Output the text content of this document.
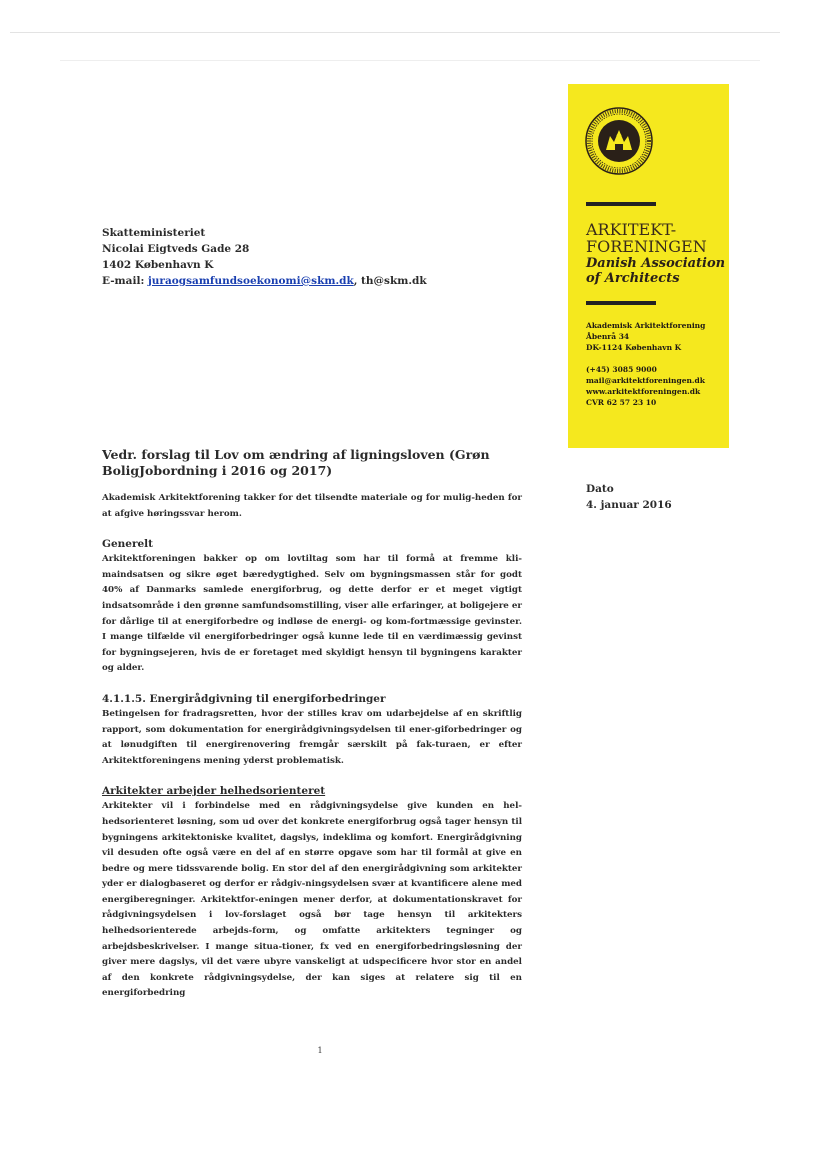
ARKITEKT-
FORENINGEN
Danish Association
of Architects
Akademisk Arkitektforening
Åbenrå 34
DK-1124 København K
(+45) 3085 9000
mail@arkitektforeningen.dk
www.arkitektforeningen.dk
CVR 62 57 23 10
Skatteministeriet
Nicolai Eigtveds Gade 28
1402 København K
E-mail: juraogsamfundsoekonomi@skm.dk, th@skm.dk
Dato
4. januar 2016

Vedr. forslag til Lov om ændring af ligningsloven (Grøn BoligJobordning i 2016 og 2017)

Akademisk Arkitektforening takker for det tilsendte materiale og for mulig-heden for at afgive høringssvar herom.

Generelt

Arkitektforeningen bakker op om lovtiltag som har til formå at fremme kli-maindsatsen og sikre øget bæredygtighed. Selv om bygningsmassen står for godt 40% af Danmarks samlede energiforbrug, og dette derfor er et meget vigtigt indsatsområde i den grønne samfundsomstilling, viser alle erfaringer, at boligejere er for dårlige til at energiforbedre og indløse de energi- og kom-fortmæssige gevinster. I mange tilfælde vil energiforbedringer også kunne lede til en værdimæssig gevinst for bygningsejeren, hvis de er foretaget med skyldigt hensyn til bygningens karakter og alder.

4.1.1.5. Energirådgivning til energiforbedringer

Betingelsen for fradragsretten, hvor der stilles krav om udarbejdelse af en skriftlig rapport, som dokumentation for energirådgivningsydelsen til ener-giforbedringer og at lønudgiften til energirenovering fremgår særskilt på fak-turaen, er efter Arkitektforeningens mening yderst problematisk.

Arkitekter arbejder helhedsorienteret

Arkitekter vil i forbindelse med en rådgivningsydelse give kunden en hel-hedsorienteret løsning, som ud over det konkrete energiforbrug også tager hensyn til bygningens arkitektoniske kvalitet, dagslys, indeklima og komfort. Energirådgivning vil desuden ofte også være en del af en større opgave som har til formål at give en bedre og mere tidssvarende bolig. En stor del af den energirådgivning som arkitekter yder er dialogbaseret og derfor er rådgiv-ningsydelsen svær at kvantificere alene med energiberegninger. Arkitektfor-eningen mener derfor, at dokumentationskravet for rådgivningsydelsen i lov-forslaget også bør tage hensyn til arkitekters helhedsorienterede arbejds-form, og omfatte arkitekters tegninger og arbejdsbeskrivelser. I mange situa-tioner, fx ved en energiforbedringsløsning der giver mere dagslys, vil det være ubyre vanskeligt at udspecificere hvor stor en andel af den konkrete rådgivningsydelse, der kan siges at relatere sig til en energiforbedring

1
